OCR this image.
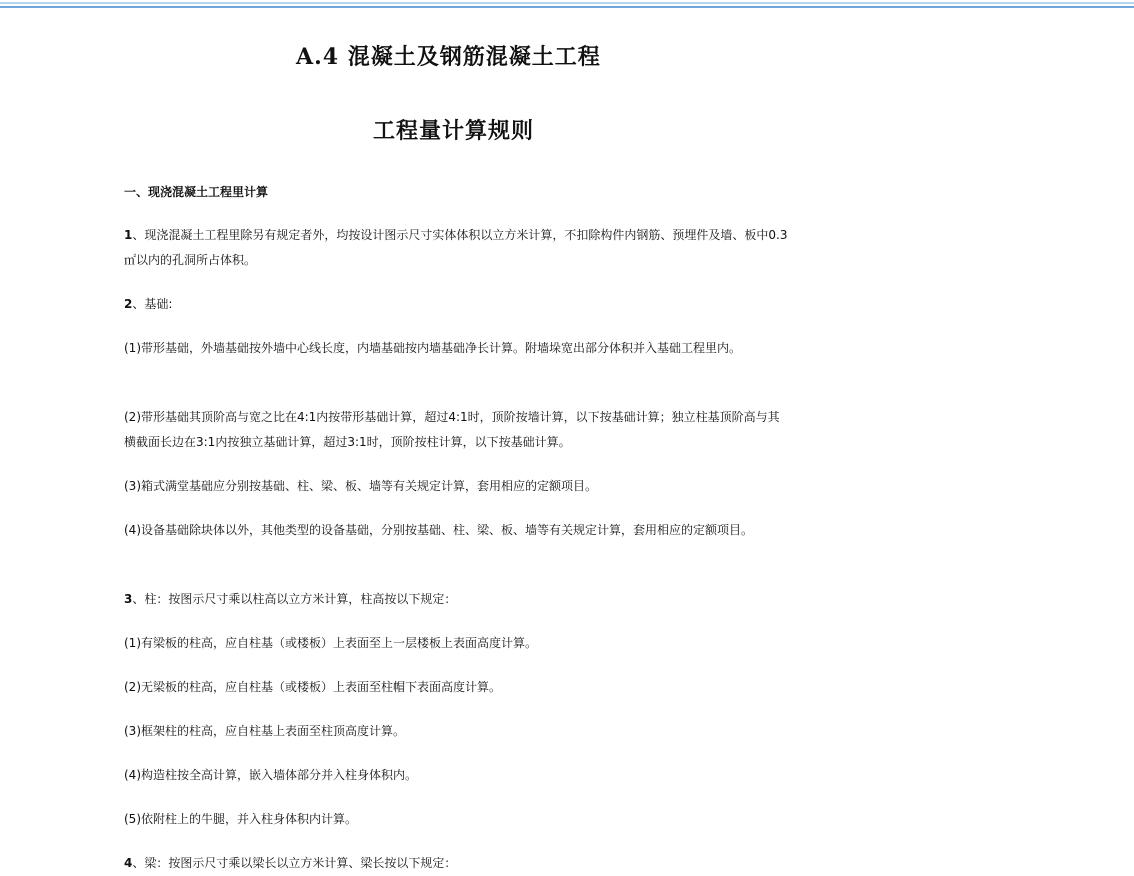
A.4 混凝土及钢筋混凝土工程
工程量计算规则
一、现浇混凝土工程里计算
1、现浇混凝土工程里除另有规定者外，均按设计图示尺寸实体体积以立方米计算，不扣除构件内钢筋、预埋件及墙、板中0.3㎡以内的孔洞所占体积。
2、基础:
(1)带形基础，外墙基础按外墙中心线长度，内墙基础按内墙基础净长计算。附墙垛宽出部分体积并入基础工程里内。
(2)带形基础其顶阶高与宽之比在4:1内按带形基础计算，超过4:1时，顶阶按墙计算，以下按基础计算；独立柱基顶阶高与其横截面长边在3:1内按独立基础计算，超过3:1时，顶阶按柱计算，以下按基础计算。
(3)箱式满堂基础应分别按基础、柱、梁、板、墙等有关规定计算，套用相应的定额项目。
(4)设备基础除块体以外，其他类型的设备基础，分别按基础、柱、梁、板、墙等有关规定计算，套用相应的定额项目。
3、柱：按图示尺寸乘以柱高以立方米计算，柱高按以下规定：
(1)有梁板的柱高，应自柱基（或楼板）上表面至上一层楼板上表面高度计算。
(2)无梁板的柱高，应自柱基（或楼板）上表面至柱帽下表面高度计算。
(3)框架柱的柱高，应自柱基上表面至柱顶高度计算。
(4)构造柱按全高计算，嵌入墙体部分并入柱身体积内。
(5)依附柱上的牛腿，并入柱身体积内计算。
4、梁：按图示尺寸乘以梁长以立方米计算、梁长按以下规定：
